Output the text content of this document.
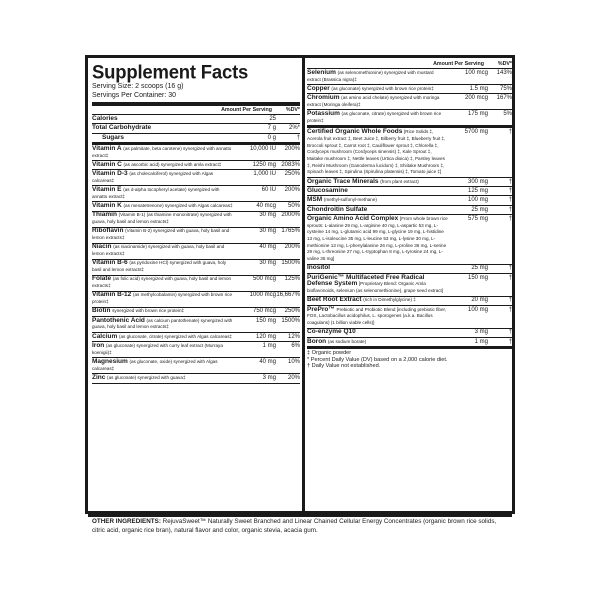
Supplement Facts
Serving Size: 2 scoops (16 g)
Servings Per Container: 30
Amount Per Serving	%DV*
Calories	25
Total Carbohydrate	7 g	2%*
Sugars	0 g	†
Vitamin A (as palmitate, beta carotene) synergized with annatto extract‡
10,000 IU	200%
Vitamin C (as ascorbic acid) synergized with amla extract‡	1250 mg 2083%
Vitamin D-3 (as cholecalciferol) synergized with Algas calcareas‡
1,000 IU	250%
Vitamin E (as d-alpha tocopheryl acetate) synergized with annatto extract‡
60 IU	200%
Vitamin K (as menatetrenone) synergized with Algas calcareas‡	40 mcg	50%
Thiamin (Vitamin B-1) (as thiamine mononitrate) synergized with guava, holy basil and lemon extracts‡
30 mg 2000%
Riboflavin (Vitamin B-2) synergized with guava, holy basil and lemon extracts‡
30 mg 1765%
Niacin (as niacinamide) synergized with guava, holy basil and lemon extracts‡
40 mg	200%
Vitamin B-6 (as pyridoxine HCl) synergized with guava, holy basil and lemon extracts‡
30 mg 1500%
Folate (as folic acid) synergized with guava, holy basil and lemon extracts‡
500 mcg	125%
Vitamin B-12 (as methylcobalamin) synergized with brown rice protein‡
1000 mcg 16,667%
Biotin synergized with brown rice protein‡	750 mcg	250%
Pantothenic Acid (as calcium pantothenate) synergized with guava, holy basil and lemon extracts‡
150 mg 1500%
Calcium (as gluconate, citrate) synergized with Algas calcareas‡	120 mg	12%
Iron (as gluconate) synergized with curry leaf extract (Murraya koenigii)‡
1 mg	6%
Magnesium (as gluconate, oxide) synergized with Algas calcareas‡
40 mg	10%
Zinc (as gluconate) synergized with guava‡	3 mg	20%
Amount Per Serving	%DV*
Selenium (as selenomethionine) synergized with mustard extract (Brassica nigra)‡
100 mcg	143%
Copper (as gluconate) synergized with brown rice protein‡	1.5 mg	75%
Chromium (as amino acid chelate) synergized with moringa extract (Moringa oleifera)‡
200 mcg	167%
Potassium (as gluconate, citrate) synergized with brown rice protein‡
175 mg	5%
Certified Organic Whole Foods [Rice Solids ‡, Acerola fruit extract ‡, Beet Juice ‡, Bilberry fruit ‡, Blueberry fruit ‡, Broccoli sprout ‡, Carrot root ‡, Cauliflower sprout ‡, Chlorella ‡, Cordyceps mushroom (Cordyceps sinensis) ‡, Kale Sprout ‡, Maitake mushroom ‡, Nettle leaves (Urtica dioica) ‡, Parsley leaves ‡, Reishi Mushroom (Ganoderma lucidum) ‡, Shiitake Mushroom ‡, Spinach leaves ‡, Spirulina (Spirulina platensis) ‡, Tomato juice ‡]
5700 mg	†
Organic Trace Minerals (from plant extract)	300 mg	†
Glucosamine	125 mg	†
MSM (methyl-sulfonyl-methane)	100 mg	†
Chondroitin Sulfate	25 mg	†
Organic Amino Acid Complex [From whole brown rice sprouts: L-alanine 29 mg, L-arginine 40 mg, L-aspartic 53 mg, L-cysteine 14 mg, L-glutamic acid 99 mg, L-glycine 19 mg, L-histidine 13 mg, L-isoleucine 35 mg, L-leucine 53 mg, L-lysine 30 mg, L-methionine 13 mg, L-phenylalanine 26 mg, L-proline 36 mg, L-serine 29 mg, L-threonine 27 mg, L-tryptophan 8 mg, L-tyrosine 24 mg, L-valine 35 mg]
575 mg	†
Inositol	25 mg	†
PuriGenic™ Multifaceted Free Radical Defense System [Proprietary Blend: Organic Amla bioflavonoids, selenium (as selenomethionine), grape seed extract]
150 mg	†
Beet Root Extract (rich in Dimethylglycine) ‡	20 mg	†
PrePro™ Prebiotic and Probiotic Blend [including prebiotic fiber, FOS, Lactobacillus acidophilus, L. sporogenes (a.k.a. Bacillus coagulans) (1 billion viable cells)]
100 mg	†
Co-enzyme Q10	3 mg	†
Boron (as sodium borate)	1 mg	†
‡ Organic powder
* Percent Daily Value (DV) based on a 2,000 calorie diet.
† Daily Value not established.

OTHER INGREDIENTS: RejuvaSweet™ Naturally Sweet Branched and Linear Chained Cellular Energy Concentrates (organic brown rice solids, citric acid, organic rice bran), natural flavor and color, organic stevia, acacia gum.
